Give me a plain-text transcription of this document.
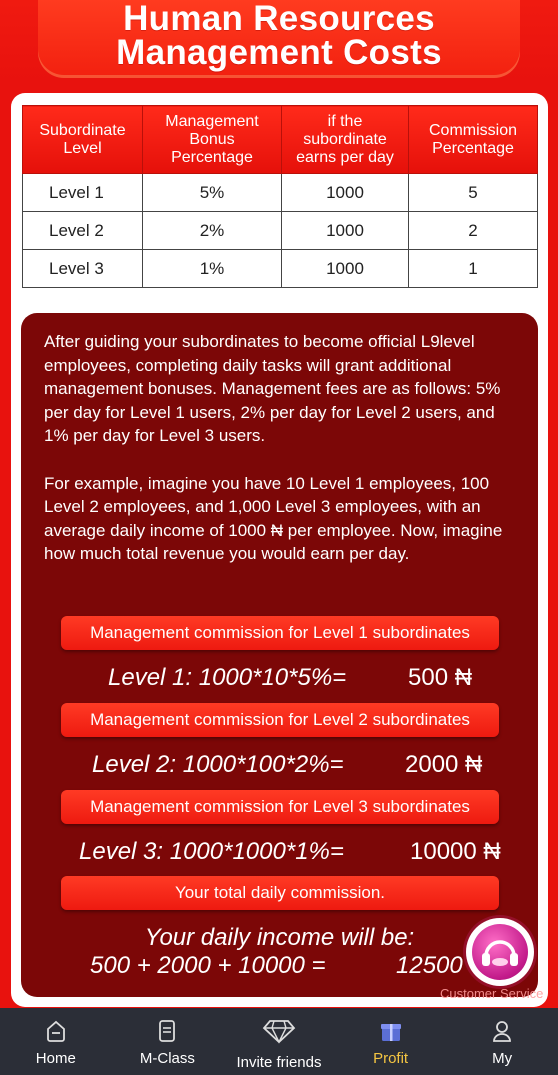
Human Resources
Management Costs
Subordinate Level	Management Bonus Percentage	if the subordinate earns per day	Commission Percentage
Level 1	5%	1000	5
Level 2	2%	1000	2
Level 3	1%	1000	1

After guiding your subordinates to become official L9level employees, completing daily tasks will grant additional management bonuses. Management fees are as follows: 5% per day for Level 1 users, 2% per day for Level 2 users, and 1% per day for Level 3 users.

For example, imagine you have 10 Level 1 employees, 100 Level 2 employees, and 1,000 Level 3 employees, with an average daily income of 1000 ₦ per employee. Now, imagine how much total revenue you would earn per day.

Management commission for Level 1 subordinates
Level 1: 1000*10*5%=	500 ₦
Management commission for Level 2 subordinates
Level 2: 1000*100*2%=	2000 ₦
Management commission for Level 3 subordinates
Level 3: 1000*1000*1%=	10000 ₦
Your total daily commission.
Your daily income will be:
500 + 2000 + 10000 =	12500
Customer Service
Home	M-Class	Invite friends	Profit	My
